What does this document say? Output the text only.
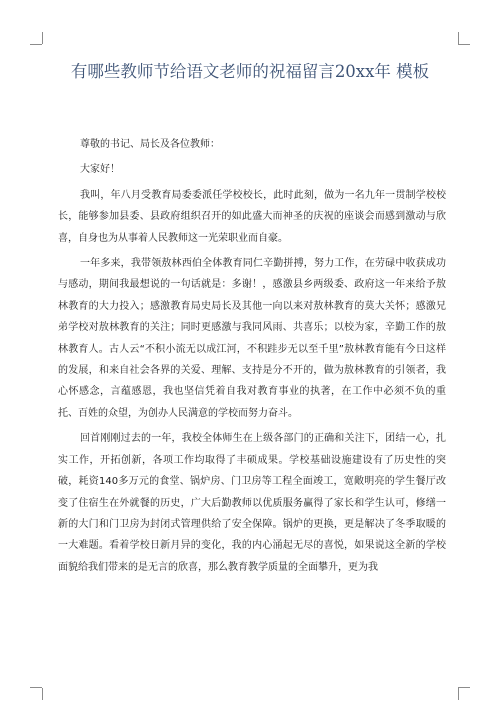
有哪些教师节给语文老师的祝福留言20xx年 模板

尊敬的书记、局长及各位教师：

大家好！

我叫，年八月受教育局委委派任学校校长，此时此刻，做为一名九年一贯制学校校长，能够参加县委、县政府组织召开的如此盛大而神圣的庆祝的座谈会而感到激动与欣喜，自身也为从事着人民教师这一光荣职业而自豪。

一年多来，我带领敖林西伯全体教育同仁辛勤拼搏，努力工作，在劳碌中收获成功与感动，期间我最想说的一句话就是：多谢！，感激县乡两级委、政府这一年来给予敖林教育的大力投入；感激教育局史局长及其他一向以来对敖林教育的莫大关怀；感激兄弟学校对敖林教育的关注；同时更感激与我同风雨、共喜乐；以校为家，辛勤工作的敖林教育人。古人云“不积小流无以成江河，不积跬步无以至千里”敖林教育能有今日这样的发展，和来自社会各界的关爱、理解、支持是分不开的，做为敖林教育的引领者，我心怀感念，言蕴感恩，我也坚信凭着自我对教育事业的执著，在工作中必须不负的重托、百姓的众望，为创办人民满意的学校而努力奋斗。

回首刚刚过去的一年，我校全体师生在上级各部门的正确和关注下，团结一心，扎实工作，开拓创新，各项工作均取得了丰硕成果。学校基础设施建设有了历史性的突破，耗资140多万元的食堂、锅炉房、门卫房等工程全面竣工，宽敞明亮的学生餐厅改变了住宿生在外就餐的历史，广大后勤教师以优质服务赢得了家长和学生认可，修缮一新的大门和门卫房为封闭式管理供给了安全保障。锅炉的更换，更是解决了冬季取暖的一大难题。看着学校日新月异的变化，我的内心涌起无尽的喜悦，如果说这全新的学校面貌给我们带来的是无言的欣喜，那么教育教学质量的全面攀升，更为我
